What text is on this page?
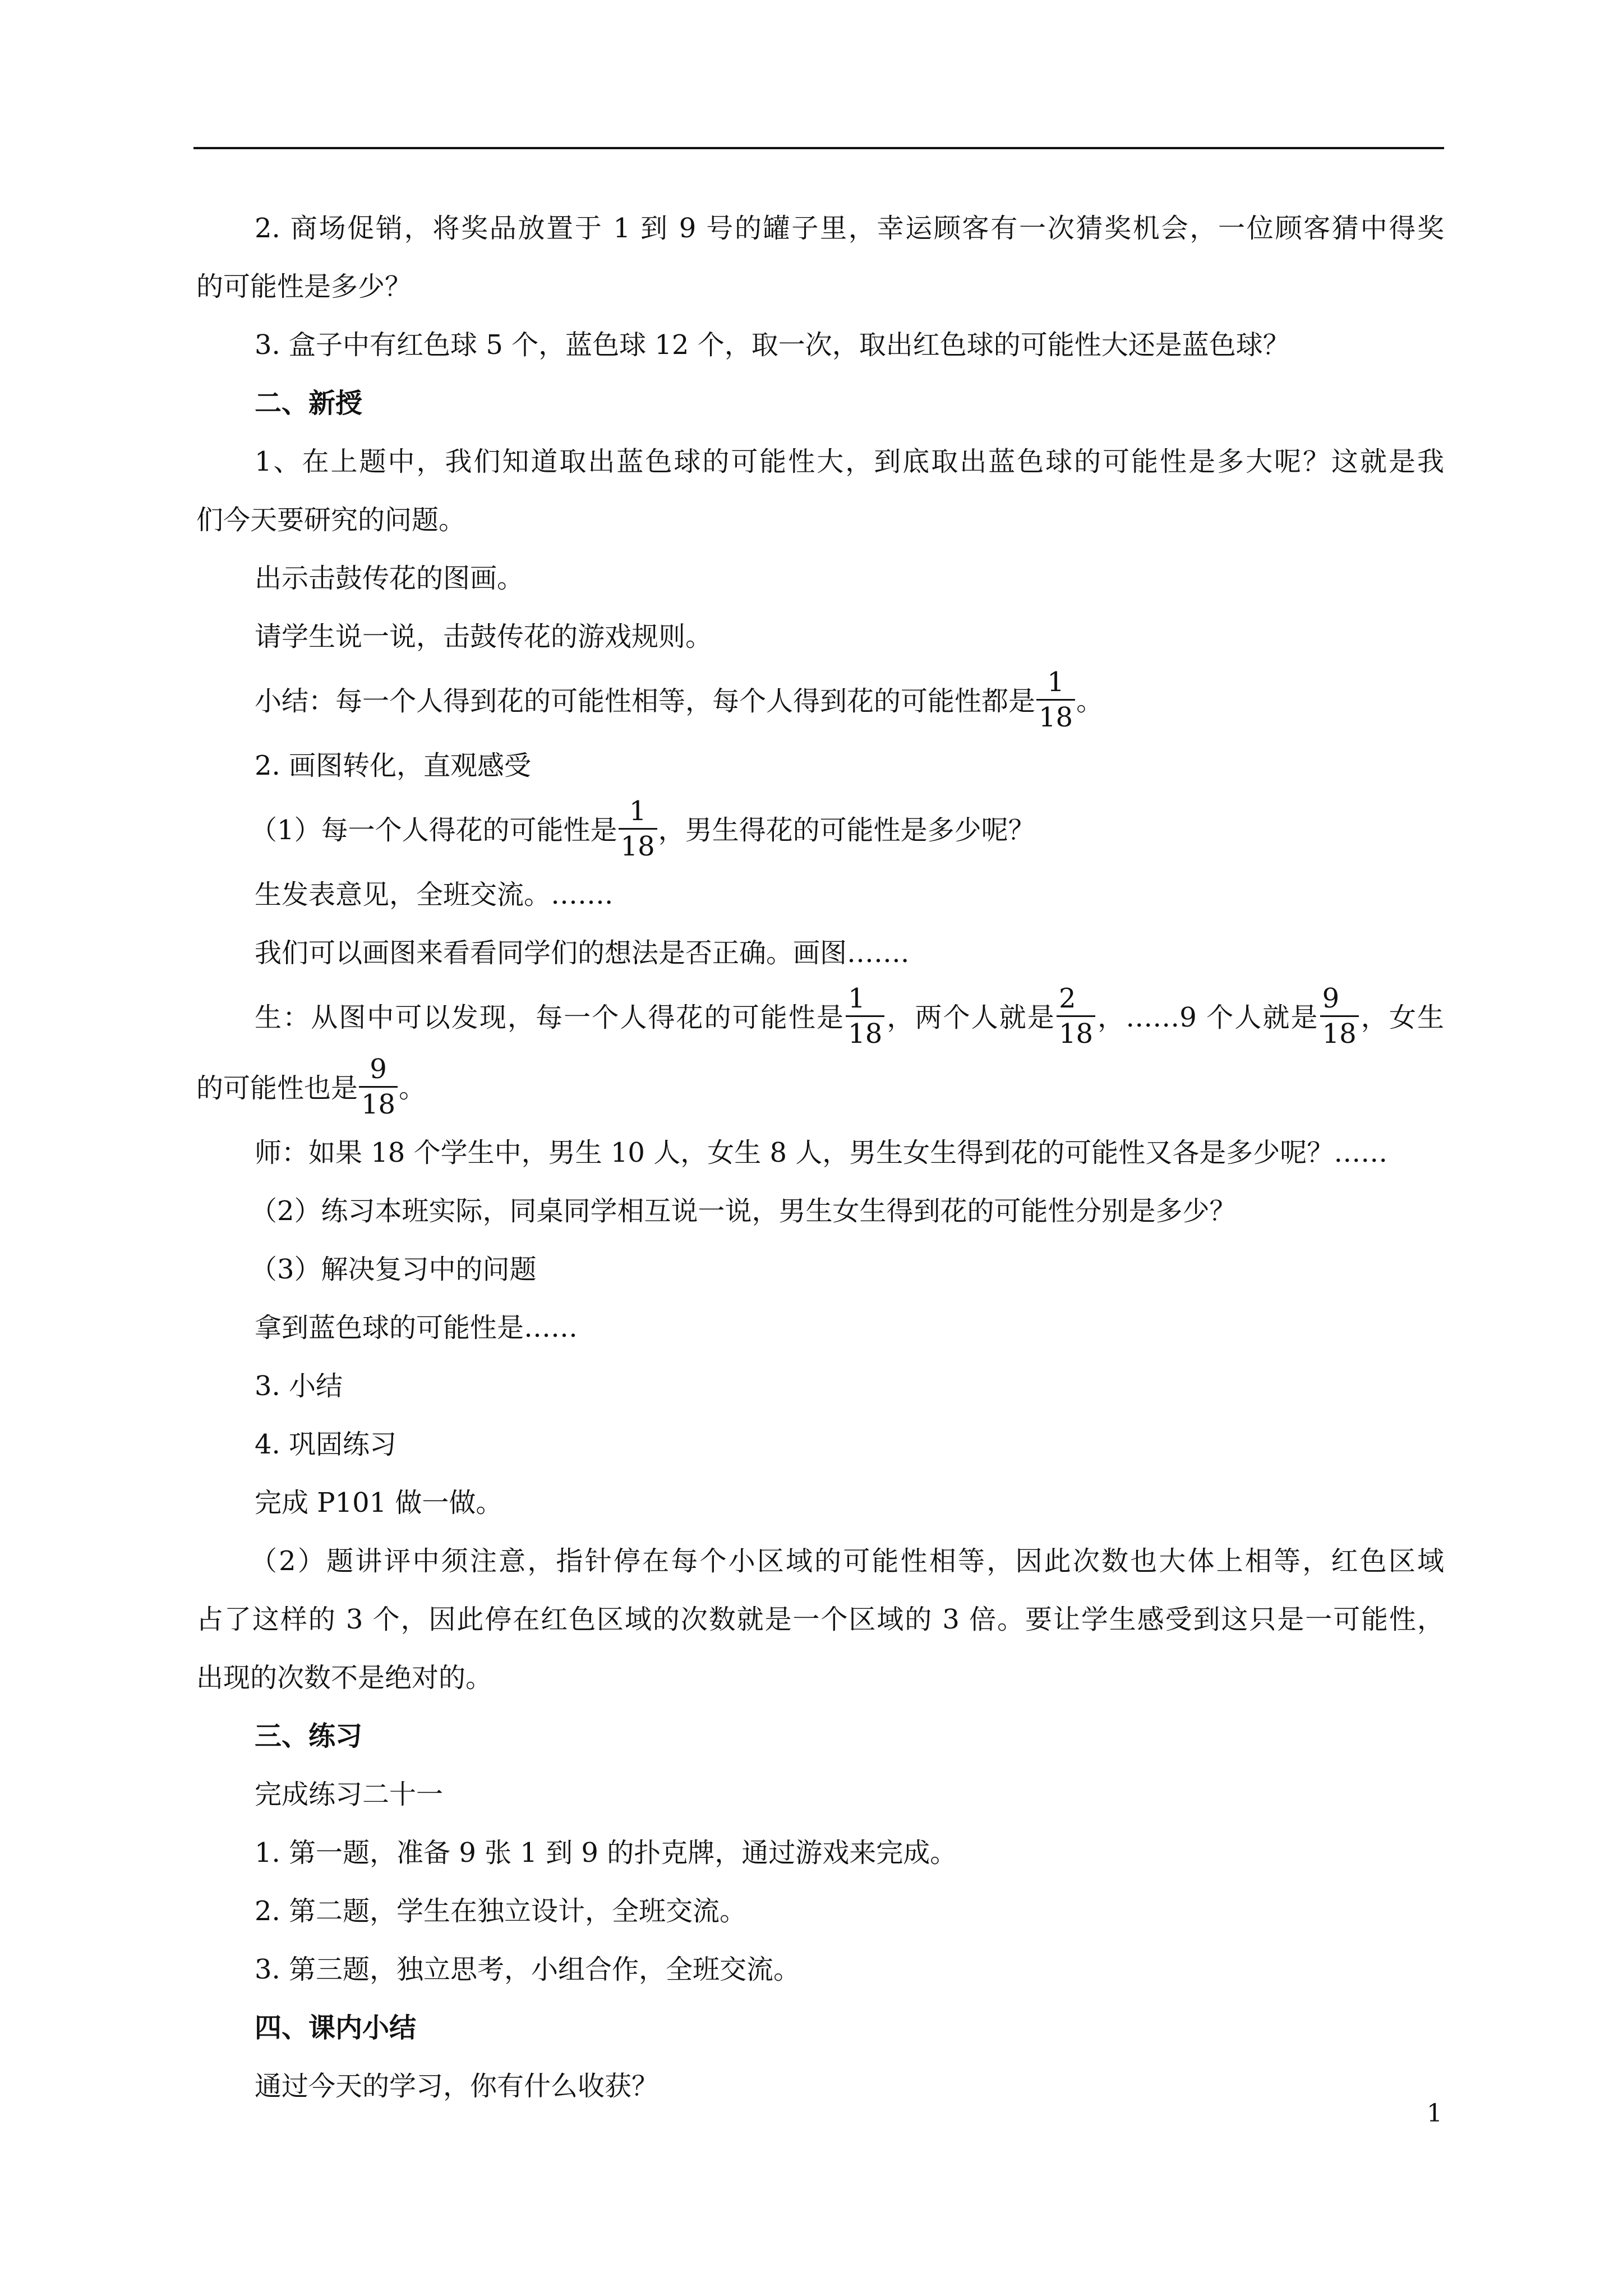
2. 商场促销，将奖品放置于 1 到 9 号的罐子里，幸运顾客有一次猜奖机会，一位顾客猜中得奖
的可能性是多少？
3. 盒子中有红色球 5 个，蓝色球 12 个，取一次，取出红色球的可能性大还是蓝色球？
二、新授
1、在上题中，我们知道取出蓝色球的可能性大，到底取出蓝色球的可能性是多大呢？这就是我
们今天要研究的问题。
出示击鼓传花的图画。
请学生说一说，击鼓传花的游戏规则。
小结：每一个人得到花的可能性相等，每个人得到花的可能性都是 $\frac{1}{18}$ 。
2. 画图转化，直观感受
（1）每一个人得花的可能性是 $\frac{1}{18}$ ，男生得花的可能性是多少呢？
生发表意见，全班交流。…….
我们可以画图来看看同学们的想法是否正确。画图…….
生：从图中可以发现，每一个人得花的可能性是 $\frac{1}{18}$ ，两个人就是 $\frac{2}{18}$ ，……9 个人就是 $\frac{9}{18}$ ，女生
的可能性也是 $\frac{9}{18}$ 。
师：如果 18 个学生中，男生 10 人，女生 8 人，男生女生得到花的可能性又各是多少呢？……
（2）练习本班实际，同桌同学相互说一说，男生女生得到花的可能性分别是多少？
（3）解决复习中的问题
拿到蓝色球的可能性是……
3. 小结
4. 巩固练习
完成 P101 做一做。
（2）题讲评中须注意，指针停在每个小区域的可能性相等，因此次数也大体上相等，红色区域
占了这样的 3 个，因此停在红色区域的次数就是一个区域的 3 倍。要让学生感受到这只是一可能性，
出现的次数不是绝对的。
三、练习
完成练习二十一
1. 第一题，准备 9 张 1 到 9 的扑克牌，通过游戏来完成。
2. 第二题，学生在独立设计，全班交流。
3. 第三题，独立思考，小组合作，全班交流。
四、课内小结
通过今天的学习，你有什么收获？
1
